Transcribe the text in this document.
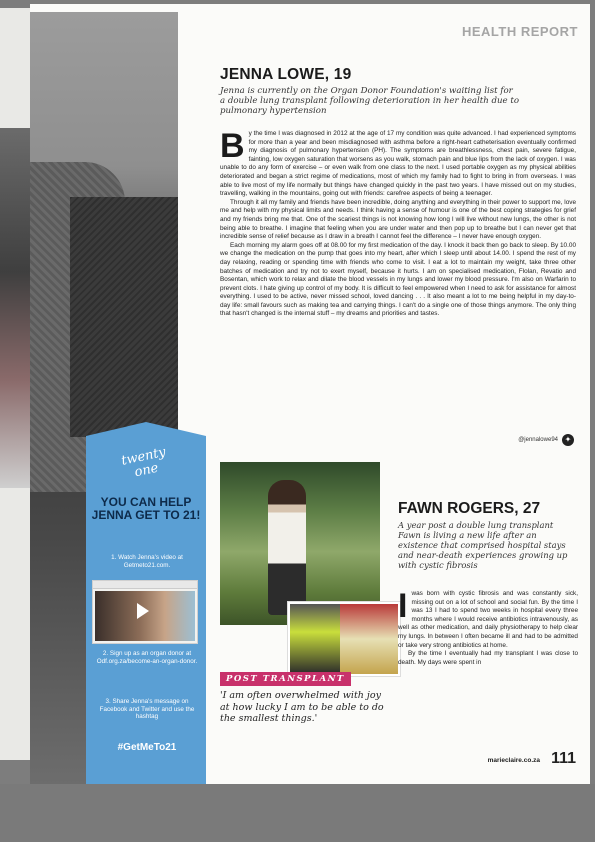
twenty one
YOU CAN HELP JENNA GET TO 21!
1. Watch Jenna's video at Getmeto21.com.
2. Sign up as an organ donor at Odf.org.za/become-an-organ-donor.
3. Share Jenna's message on Facebook and Twitter and use the hashtag
#GetMeTo21
HEALTH REPORT
JENNA LOWE, 19
Jenna is currently on the Organ Donor Foundation's waiting list for a double lung transplant following deterioration in her health due to pulmonary hypertension

By the time I was diagnosed in 2012 at the age of 17 my condition was quite advanced. I had experienced symptoms for more than a year and been misdiagnosed with asthma before a right-heart catheterisation eventually confirmed my diagnosis of pulmonary hypertension (PH). The symptoms are breathlessness, chest pain, severe fatigue, fainting, low oxygen saturation that worsens as you walk, stomach pain and blue lips from the lack of oxygen. I was unable to do any form of exercise – or even walk from one class to the next. I used portable oxygen as my physical abilities deteriorated and began a strict regime of medications, most of which my family had to fight to bring in from overseas. I was able to live most of my life normally but things have changed quickly in the past two years. I have missed out on my studies, travelling, walking in the mountains, going out with friends: carefree aspects of being a teenager.

Through it all my family and friends have been incredible, doing anything and everything in their power to support me, love me and help with my physical limits and needs. I think having a sense of humour is one of the best coping strategies for grief and my friends bring me that. One of the scariest things is not knowing how long I will live without new lungs, the other is not being able to breathe. I imagine that feeling when you are under water and then pop up to breathe but I can never get that incredible sense of relief because as I draw in a breath I cannot feel the difference – I never have enough oxygen.

Each morning my alarm goes off at 08.00 for my first medication of the day. I knock it back then go back to sleep. By 10.00 we change the medication on the pump that goes into my heart, after which I sleep until about 14.00. I spend the rest of my day relaxing, reading or spending time with friends who come to visit. I eat a lot to maintain my weight, take three other batches of medication and try not to exert myself, because it hurts. I am on specialised medication, Flolan, Revatio and Bosentan, which work to relax and dilate the blood vessels in my lungs and lower my blood pressure. I'm also on Warfarin to prevent clots. I hate giving up control of my body. It is difficult to feel empowered when I need to ask for assistance for almost everything. I used to be active, never missed school, loved dancing . . . It also meant a lot to me being helpful in my day-to-day life: small favours such as making tea and carrying things. I can't do a single one of those things anymore. The only thing that hasn't changed is the internal stuff – my dreams and priorities and tastes.

@jennalowe94 ✦
POST TRANSPLANT
'I am often overwhelmed with joy at how lucky I am to be able to do the smallest things.'
FAWN ROGERS, 27
A year post a double lung transplant Fawn is living a new life after an existence that comprised hospital stays and near-death experiences growing up with cystic fibrosis

I was born with cystic fibrosis and was constantly sick, missing out on a lot of school and social fun. By the time I was 13 I had to spend two weeks in hospital every three months where I would receive antibiotics intravenously, as well as other medication, and daily physiotherapy to help clear my lungs. In between I often became ill and had to be admitted or take very strong antibiotics at home.

By the time I eventually had my transplant I was close to death. My days were spent in

marieclaire.co.za 111
